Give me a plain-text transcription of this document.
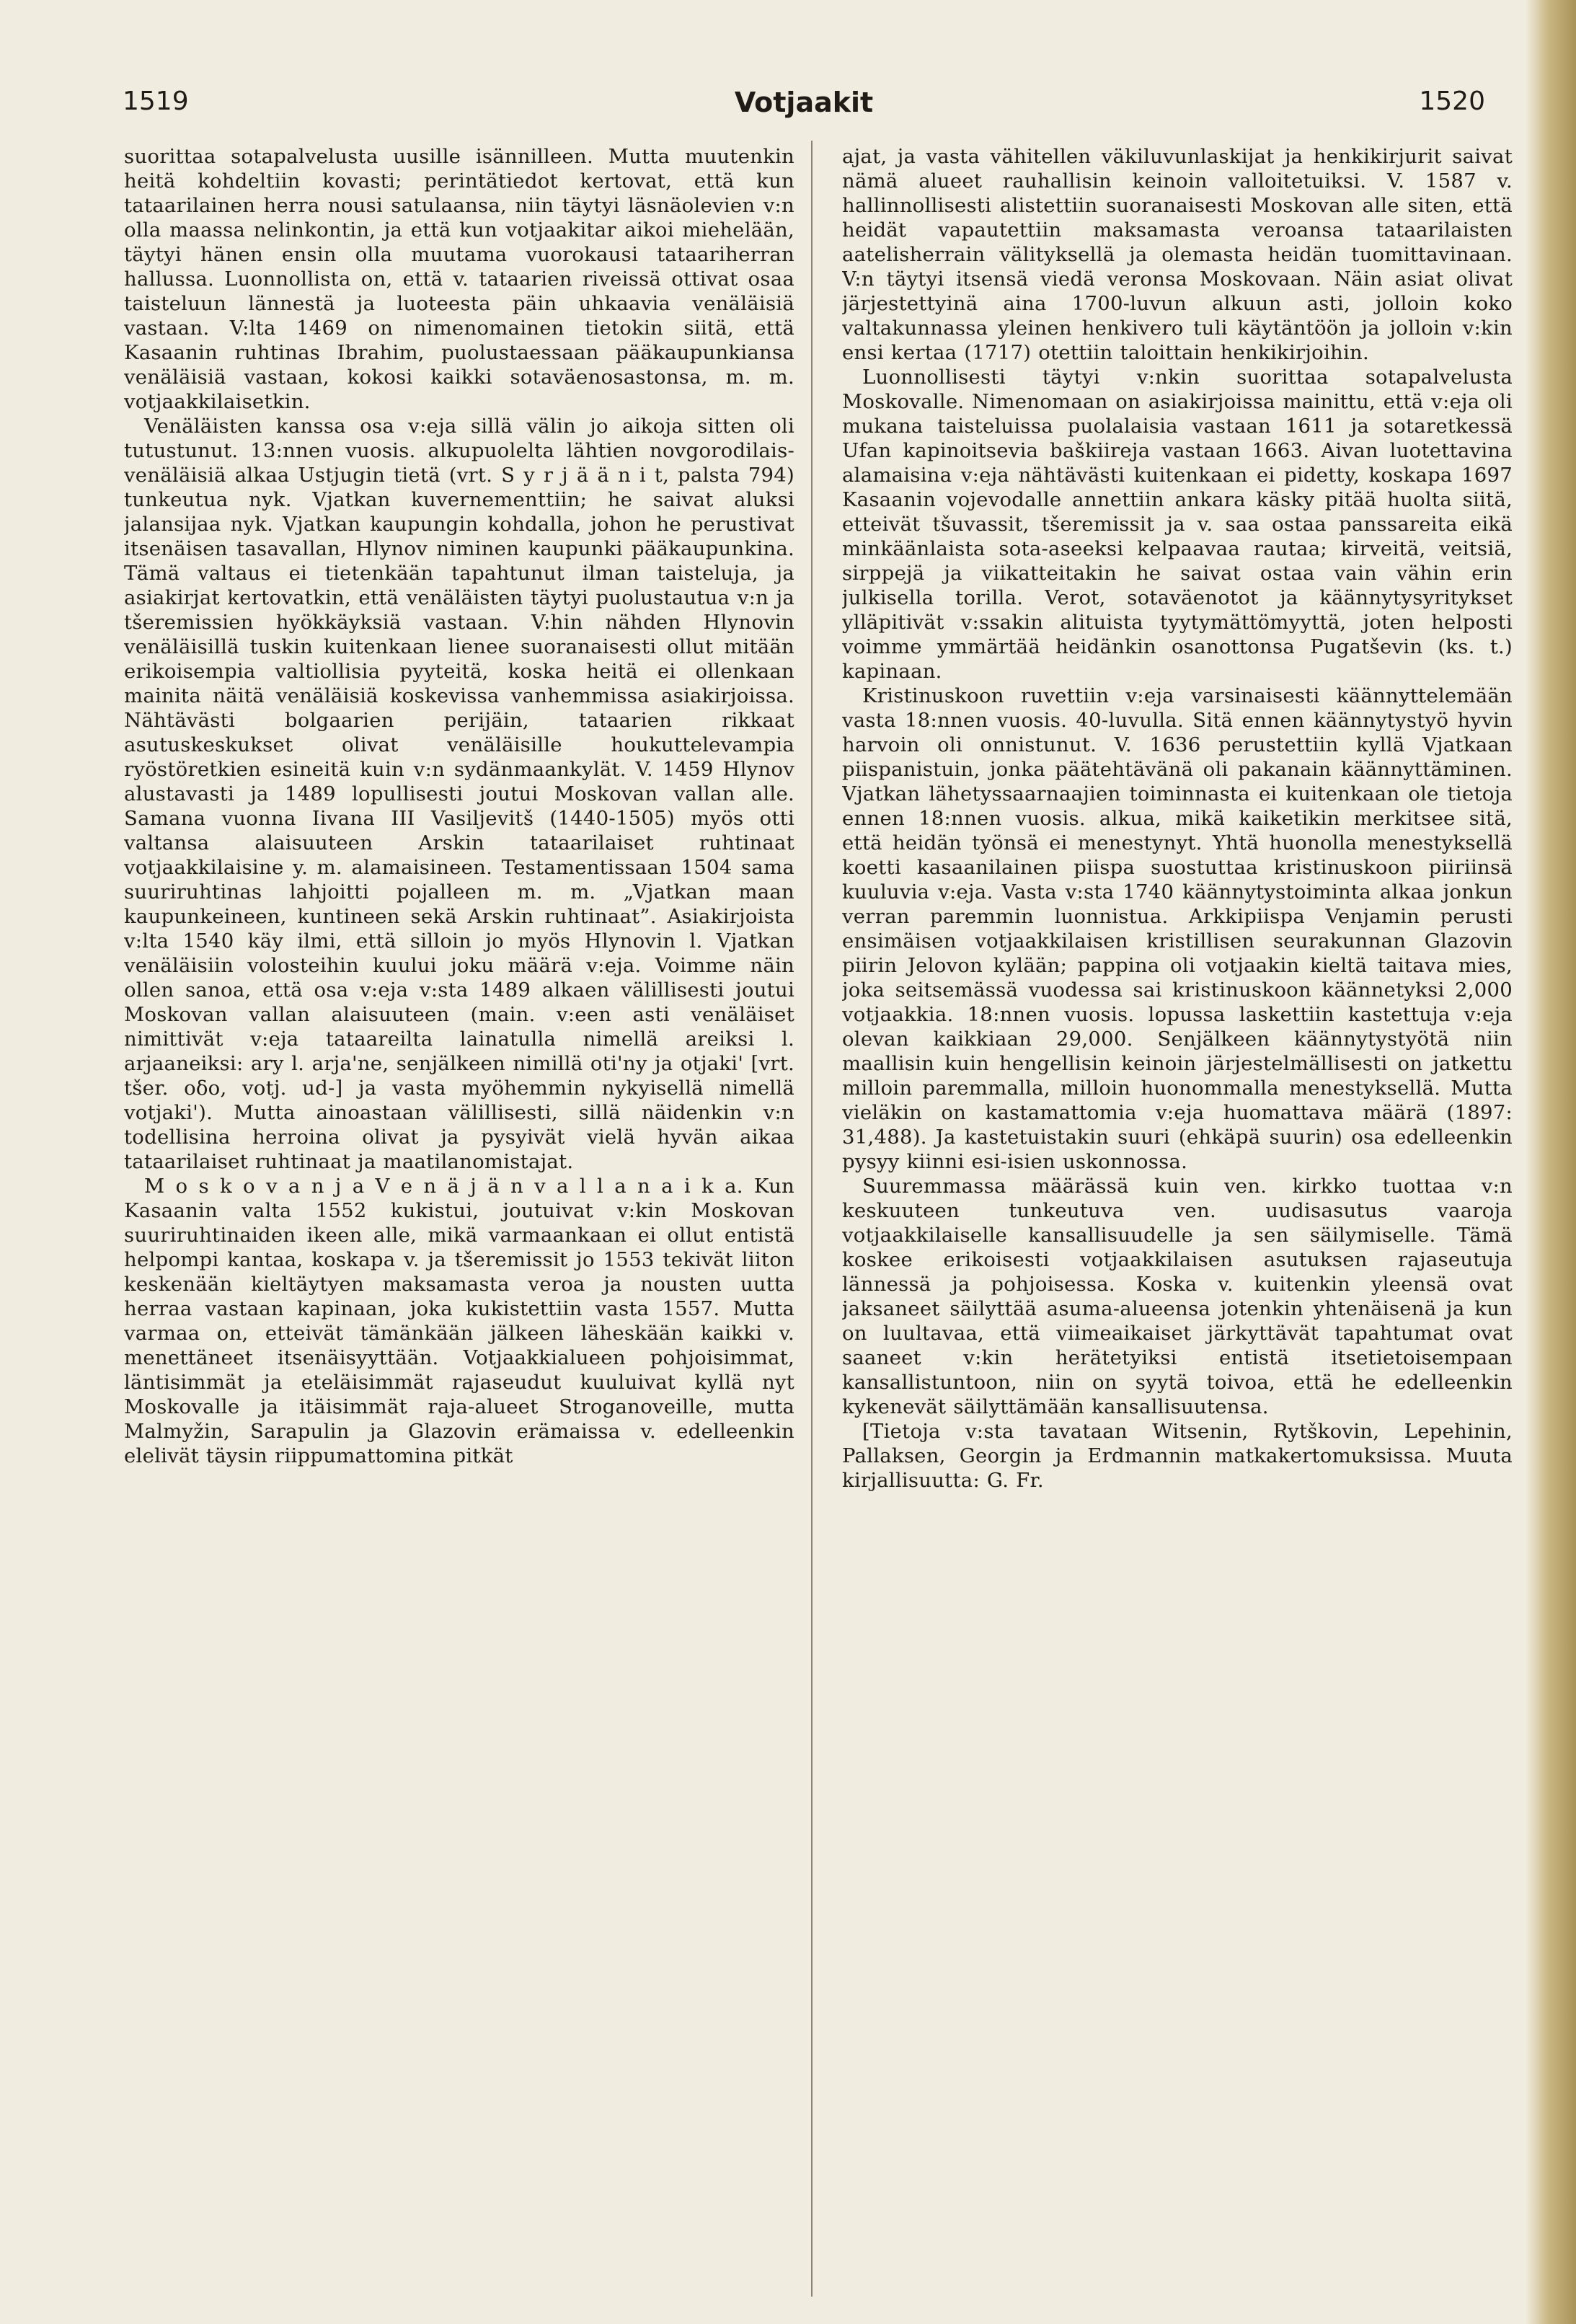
1519	Votjaakit	1520

suorittaa sotapalvelusta uusille isännilleen. Mutta muutenkin heitä kohdeltiin kovasti; perintätiedot kertovat, että kun tataarilainen herra nousi satulaansa, niin täytyi läsnäolevien v:n olla maassa nelinkontin, ja että kun votjaakitar aikoi miehelään, täytyi hänen ensin olla muutama vuorokausi tataariherran hallussa. Luonnollista on, että v. tataarien riveissä ottivat osaa taisteluun lännestä ja luoteesta päin uhkaavia venäläisiä vastaan. V:lta 1469 on nimenomainen tietokin siitä, että Kasaanin ruhtinas Ibrahim, puolustaessaan pääkaupunkiansa venäläisiä vastaan, kokosi kaikki sotaväenosastonsa, m. m. votjaakkilaisetkin.

Venäläisten kanssa osa v:eja sillä välin jo aikoja sitten oli tutustunut. 13:nnen vuosis. alkupuolelta lähtien novgorodilais-venäläisiä alkaa Ustjugin tietä (vrt. S y r j ä ä n i t, palsta 794) tunkeutua nyk. Vjatkan kuvernementtiin; he saivat aluksi jalansijaa nyk. Vjatkan kaupungin kohdalla, johon he perustivat itsenäisen tasavallan, Hlynov niminen kaupunki pääkaupunkina. Tämä valtaus ei tietenkään tapahtunut ilman taisteluja, ja asiakirjat kertovatkin, että venäläisten täytyi puolustautua v:n ja tšeremissien hyökkäyksiä vastaan. V:hin nähden Hlynovin venäläisillä tuskin kuitenkaan lienee suoranaisesti ollut mitään erikoisempia valtiollisia pyyteitä, koska heitä ei ollenkaan mainita näitä venäläisiä koskevissa vanhemmissa asiakirjoissa. Nähtävästi bolgaarien perijäin, tataarien rikkaat asutuskeskukset olivat venäläisille houkuttelevampia ryöstöretkien esineitä kuin v:n sydänmaankylät. V. 1459 Hlynov alustavasti ja 1489 lopullisesti joutui Moskovan vallan alle. Samana vuonna Iivana III Vasiljevitš (1440-1505) myös otti valtansa alaisuuteen Arskin tataarilaiset ruhtinaat votjaakkilaisine y. m. alamaisineen. Testamentissaan 1504 sama suuriruhtinas lahjoitti pojalleen m. m. „Vjatkan maan kaupunkeineen, kuntineen sekä Arskin ruhtinaat”. Asiakirjoista v:lta 1540 käy ilmi, että silloin jo myös Hlynovin l. Vjatkan venäläisiin volosteihin kuului joku määrä v:eja. Voimme näin ollen sanoa, että osa v:eja v:sta 1489 alkaen välillisesti joutui Moskovan vallan alaisuuteen (main. v:een asti venäläiset nimittivät v:eja tataareilta lainatulla nimellä areiksi l. arjaaneiksi: ary l. arja'ne, senjälkeen nimillä oti'ny ja otjaki' [vrt. tšer. oδo, votj. ud-] ja vasta myöhemmin nykyisellä nimellä votjaki'). Mutta ainoastaan välillisesti, sillä näidenkin v:n todellisina herroina olivat ja pysyivät vielä hyvän aikaa tataarilaiset ruhtinaat ja maatilanomistajat.

M o s k o v a n j a V e n ä j ä n v a l l a n a i k a. Kun Kasaanin valta 1552 kukistui, joutuivat v:kin Moskovan suuriruhtinaiden ikeen alle, mikä varmaankaan ei ollut entistä helpompi kantaa, koskapa v. ja tšeremissit jo 1553 tekivät liiton keskenään kieltäytyen maksamasta veroa ja nousten uutta herraa vastaan kapinaan, joka kukistettiin vasta 1557. Mutta varmaa on, etteivät tämänkään jälkeen läheskään kaikki v. menettäneet itsenäisyyttään. Votjaakkialueen pohjoisimmat, läntisimmät ja eteläisimmät rajaseudut kuuluivat kyllä nyt Moskovalle ja itäisimmät raja-alueet Stroganoveille, mutta Malmyžin, Sarapulin ja Glazovin erämaissa v. edelleenkin elelivät täysin riippumattomina pitkät

ajat, ja vasta vähitellen väkiluvunlaskijat ja henkikirjurit saivat nämä alueet rauhallisin keinoin valloitetuiksi. V. 1587 v. hallinnollisesti alistettiin suoranaisesti Moskovan alle siten, että heidät vapautettiin maksamasta veroansa tataarilaisten aatelisherrain välityksellä ja olemasta heidän tuomittavinaan. V:n täytyi itsensä viedä veronsa Moskovaan. Näin asiat olivat järjestettyinä aina 1700-luvun alkuun asti, jolloin koko valtakunnassa yleinen henkivero tuli käytäntöön ja jolloin v:kin ensi kertaa (1717) otettiin taloittain henkikirjoihin.

Luonnollisesti täytyi v:nkin suorittaa sotapalvelusta Moskovalle. Nimenomaan on asiakirjoissa mainittu, että v:eja oli mukana taisteluissa puolalaisia vastaan 1611 ja sotaretkessä Ufan kapinoitsevia baškiireja vastaan 1663. Aivan luotettavina alamaisina v:eja nähtävästi kuitenkaan ei pidetty, koskapa 1697 Kasaanin vojevodalle annettiin ankara käsky pitää huolta siitä, etteivät tšuvassit, tšeremissit ja v. saa ostaa panssareita eikä minkäänlaista sota-aseeksi kelpaavaa rautaa; kirveitä, veitsiä, sirppejä ja viikatteitakin he saivat ostaa vain vähin erin julkisella torilla. Verot, sotaväenotot ja käännytysyritykset ylläpitivät v:ssakin alituista tyytymättömyyttä, joten helposti voimme ymmärtää heidänkin osanottonsa Pugatševin (ks. t.) kapinaan.

Kristinuskoon ruvettiin v:eja varsinaisesti käännyttelemään vasta 18:nnen vuosis. 40-luvulla. Sitä ennen käännytystyö hyvin harvoin oli onnistunut. V. 1636 perustettiin kyllä Vjatkaan piispanistuin, jonka päätehtävänä oli pakanain käännyttäminen. Vjatkan lähetyssaarnaajien toiminnasta ei kuitenkaan ole tietoja ennen 18:nnen vuosis. alkua, mikä kaiketikin merkitsee sitä, että heidän työnsä ei menestynyt. Yhtä huonolla menestyksellä koetti kasaanilainen piispa suostuttaa kristinuskoon piiriinsä kuuluvia v:eja. Vasta v:sta 1740 käännytystoiminta alkaa jonkun verran paremmin luonnistua. Arkkipiispa Venjamin perusti ensimäisen votjaakkilaisen kristillisen seurakunnan Glazovin piirin Jelovon kylään; pappina oli votjaakin kieltä taitava mies, joka seitsemässä vuodessa sai kristinuskoon käännetyksi 2,000 votjaakkia. 18:nnen vuosis. lopussa laskettiin kastettuja v:eja olevan kaikkiaan 29,000. Senjälkeen käännytystyötä niin maallisin kuin hengellisin keinoin järjestelmällisesti on jatkettu milloin paremmalla, milloin huonommalla menestyksellä. Mutta vieläkin on kastamattomia v:eja huomattava määrä (1897: 31,488). Ja kastetuistakin suuri (ehkäpä suurin) osa edelleenkin pysyy kiinni esi-isien uskonnossa.

Suuremmassa määrässä kuin ven. kirkko tuottaa v:n keskuuteen tunkeutuva ven. uudisasutus vaaroja votjaakkilaiselle kansallisuudelle ja sen säilymiselle. Tämä koskee erikoisesti votjaakkilaisen asutuksen rajaseutuja lännessä ja pohjoisessa. Koska v. kuitenkin yleensä ovat jaksaneet säilyttää asuma-alueensa jotenkin yhtenäisenä ja kun on luultavaa, että viimeaikaiset järkyttävät tapahtumat ovat saaneet v:kin herätetyiksi entistä itsetietoisempaan kansallistuntoon, niin on syytä toivoa, että he edelleenkin kykenevät säilyttämään kansallisuutensa.

[Tietoja v:sta tavataan Witsenin, Rytškovin, Lepehinin, Pallaksen, Georgin ja Erdmannin matkakertomuksissa. Muuta kirjallisuutta: G. Fr.
